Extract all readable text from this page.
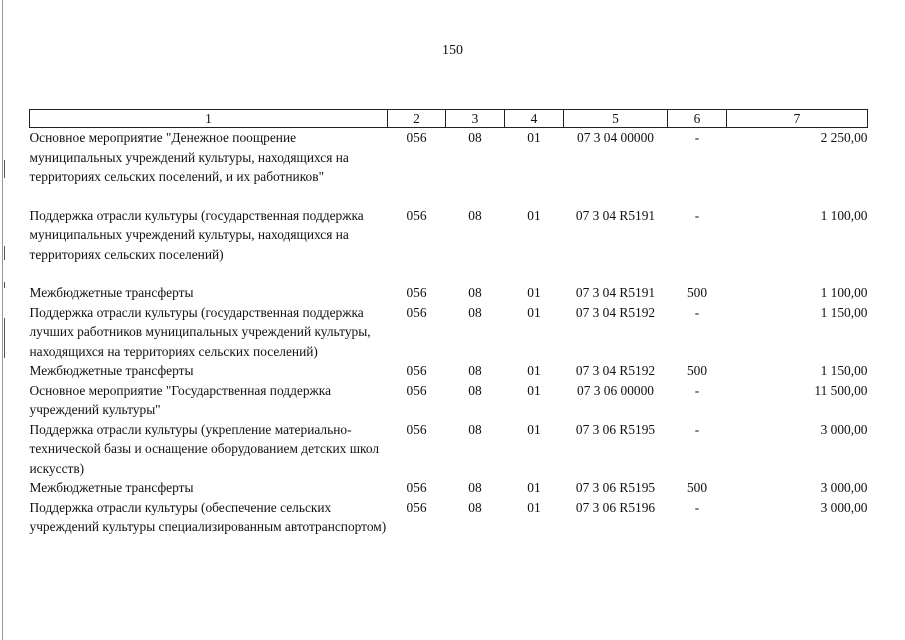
150
1	2	3	4	5	6	7
Основное мероприятие "Денежное поощрение муниципальных учреждений культуры, находящихся на территориях сельских поселений, и их работников"	056	08	01	07 3 04 00000	-	2 250,00
Поддержка отрасли культуры (государственная поддержка муниципальных учреждений культуры, находящихся на территориях сельских поселений)	056	08	01	07 3 04 R5191	-	1 100,00
Межбюджетные трансферты	056	08	01	07 3 04 R5191	500	1 100,00
Поддержка отрасли культуры (государственная поддержка лучших работников муниципальных учреждений культуры, находящихся на территориях сельских поселений)	056	08	01	07 3 04 R5192	-	1 150,00
Межбюджетные трансферты	056	08	01	07 3 04 R5192	500	1 150,00
Основное мероприятие "Государственная поддержка учреждений культуры"	056	08	01	07 3 06 00000	-	11 500,00
Поддержка отрасли культуры (укрепление материально-технической базы и оснащение оборудованием детских школ искусств)	056	08	01	07 3 06 R5195	-	3 000,00
Межбюджетные трансферты	056	08	01	07 3 06 R5195	500	3 000,00
Поддержка отрасли культуры (обеспечение сельских учреждений культуры специализированным автотранспортом)	056	08	01	07 3 06 R5196	-	3 000,00
